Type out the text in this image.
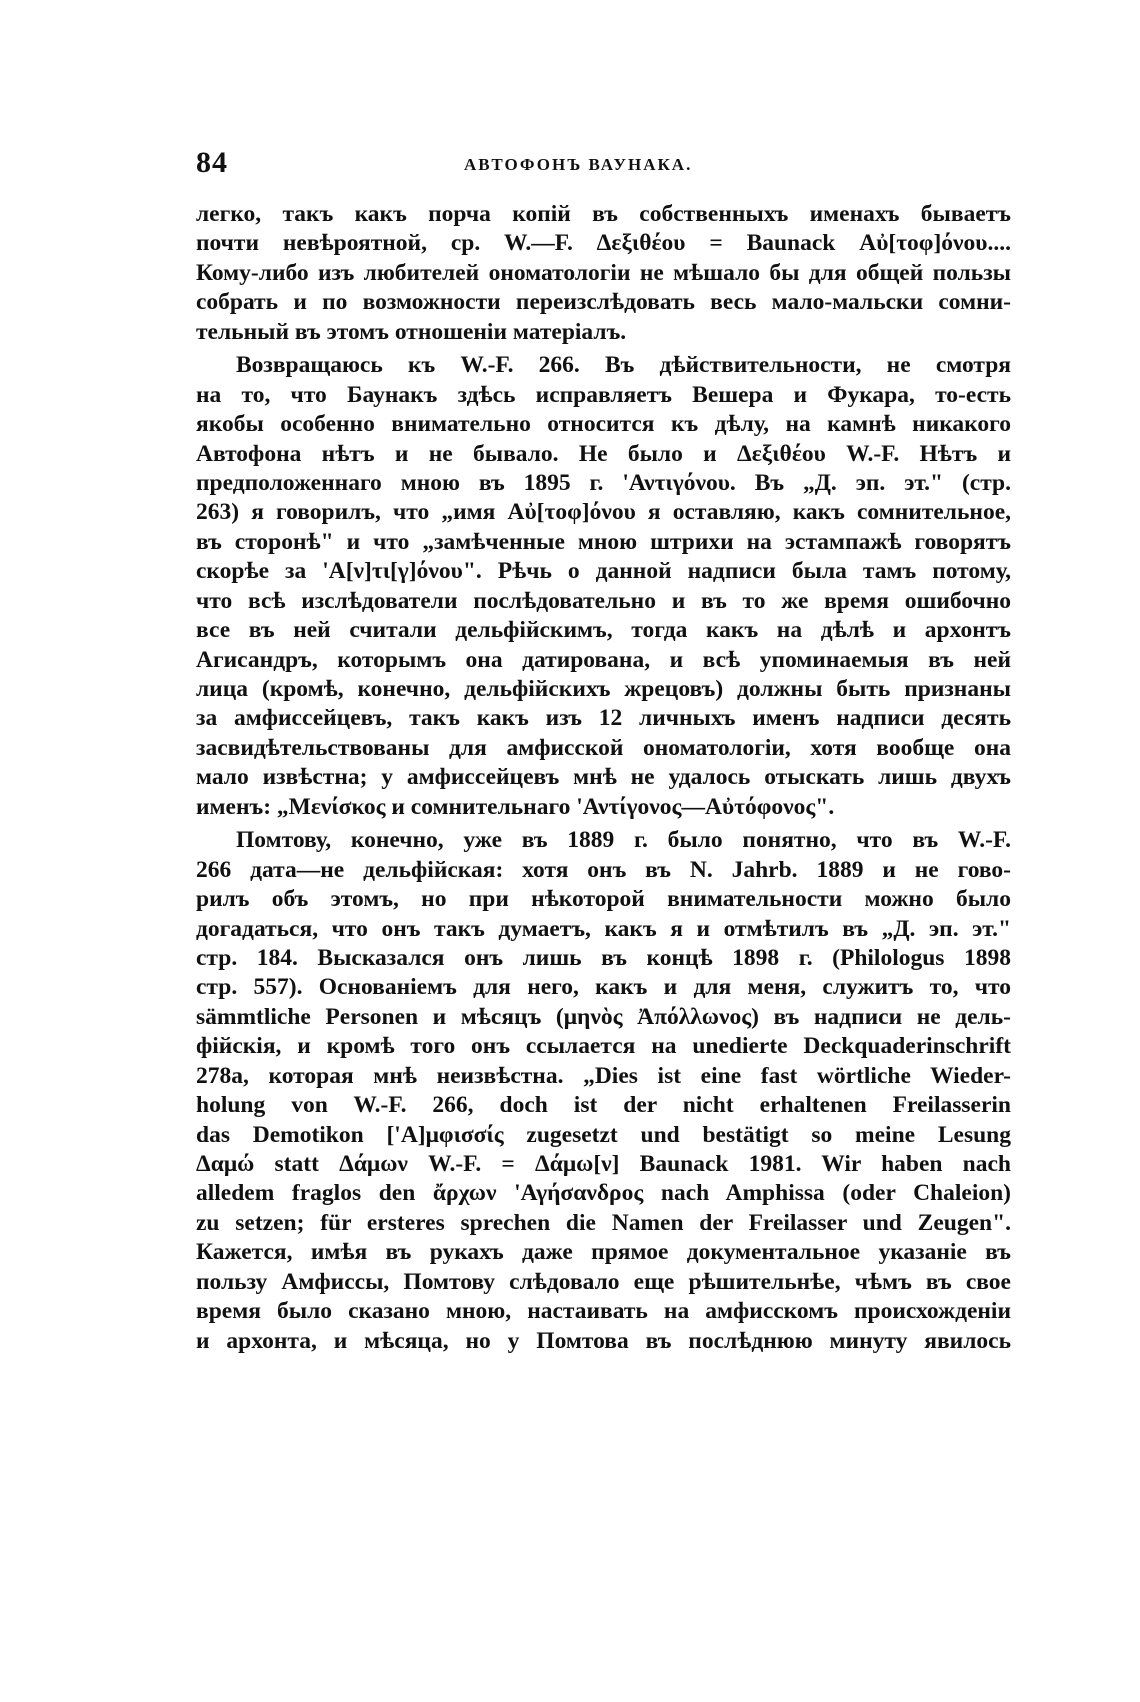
84	АВТОФОНЪ ВАУНАКА.
легко, такъ какъ порча копій въ собственныхъ именахъ бываетъ
почти невѣроятной, ср. W.—F. Δεξιθέου = Baunack Αὐ[τοφ]όνου....
Кому-либо изъ любителей ономатологіи не мѣшало бы для общей пользы
собрать и по возможности переизслѣдовать весь мало-мальски сомни-
тельный въ этомъ отношеніи матеріалъ.
Возвращаюсь къ W.-F. 266. Въ дѣйствительности, не смотря
на то, что Баунакъ здѣсь исправляетъ Вешера и Фукара, то-есть
якобы особенно внимательно относится къ дѣлу, на камнѣ никакого
Автофона нѣтъ и не бывало. Не было и Δεξιθέου W.-F. Нѣтъ и
предположеннаго мною въ 1895 г. 'Αντιγόνου. Въ „Д. эп. эт." (стр.
263) я говорилъ, что „имя Αὐ[τοφ]όνου я оставляю, какъ сомнительное,
въ сторонѣ" и что „замѣченные мною штрихи на эстампажѣ говорятъ
скорѣе за 'Α[ν]τι[γ]όνου". Рѣчь о данной надписи была тамъ потому,
что всѣ изслѣдователи послѣдовательно и въ то же время ошибочно
все въ ней считали дельфійскимъ, тогда какъ на дѣлѣ и архонтъ
Агисандръ, которымъ она датирована, и всѣ упоминаемыя въ ней
лица (кромѣ, конечно, дельфійскихъ жрецовъ) должны быть признаны
за амфиссейцевъ, такъ какъ изъ 12 личныхъ именъ надписи десять
засвидѣтельствованы для амфисской ономатологіи, хотя вообще она
мало извѣстна; у амфиссейцевъ мнѣ не удалось отыскать лишь двухъ
именъ: „Μενίσκος и сомнительнаго 'Αντίγονος—Αὐτόφονος".
Помтову, конечно, уже въ 1889 г. было понятно, что въ W.-F.
266 дата—не дельфійская: хотя онъ въ N. Jahrb. 1889 и не гово-
рилъ объ этомъ, но при нѣкоторой внимательности можно было
догадаться, что онъ такъ думаетъ, какъ я и отмѣтилъ въ „Д. эп. эт."
стр. 184. Высказался онъ лишь въ концѣ 1898 г. (Philologus 1898
стр. 557). Основаніемъ для него, какъ и для меня, служитъ то, что
sämmtliche Personen и мѣсяцъ (μηνὸς Ἀπόλλωνος) въ надписи не дель-
фійскія, и кромѣ того онъ ссылается на unedierte Deckquaderinschrift
278a, которая мнѣ неизвѣстна. „Dies ist eine fast wörtliche Wieder-
holung von W.-F. 266, doch ist der nicht erhaltenen Freilasserin
das Demotikon ['Α]μφισσίς zugesetzt und bestätigt so meine Lesung
Δαμώ statt Δάμων W.-F. = Δάμω[ν] Baunack 1981. Wir haben nach
alledem fraglos den ἄρχων 'Αγήσανδρος nach Amphissa (oder Chaleion)
zu setzen; für ersteres sprechen die Namen der Freilasser und Zeugen".
Кажется, имѣя въ рукахъ даже прямое документальное указаніе въ
пользу Амфиссы, Помтову слѣдовало еще рѣшительнѣе, чѣмъ въ свое
время было сказано мною, настаивать на амфисскомъ происхожденіи
и архонта, и мѣсяца, но у Помтова въ послѣднюю минуту явилось
